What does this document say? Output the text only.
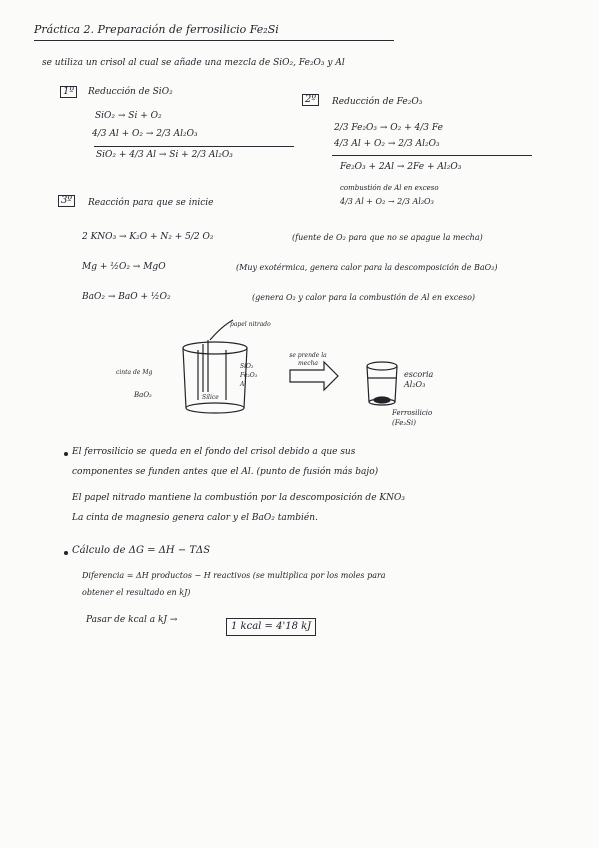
Práctica 2. Preparación de ferrosilicio Fe₂Si
se utiliza un crisol al cual se añade una mezcla de SiO₂, Fe₂O₃ y Al
1º	Reducción de SiO₂
SiO₂ → Si + O₂
4/3 Al + O₂ → 2/3 Al₂O₃
SiO₂ + 4/3 Al → Si + 2/3 Al₂O₃
2º	Reducción de Fe₂O₃
2/3 Fe₂O₃ → O₂ + 4/3 Fe
4/3 Al + O₂ → 2/3 Al₂O₃
Fe₂O₃ + 2Al → 2Fe + Al₂O₃
combustión de Al en exceso
4/3 Al + O₂ → 2/3 Al₂O₃
3º	Reacción para que se inicie
2 KNO₃ → K₂O + N₂ + 5/2 O₂	(fuente de O₂ para que no se apague la mecha)
Mg + ½O₂ → MgO	(Muy exotérmica, genera calor para la descomposición de BaO₂)
BaO₂ → BaO + ½O₂	(genera O₂ y calor para la combustión de Al en exceso)
papel nitrado
cinta de Mg
BaO₂
SiO₂
Fe₂O₃
Al
Sílice
se prende la mecha
escoria
Al₂O₃
Ferrosilicio
(Fe₂Si)
El ferrosilicio se queda en el fondo del crisol debido a que sus
componentes se funden antes que el Al. (punto de fusión más bajo)
El papel nitrado mantiene la combustión por la descomposición de KNO₃
La cinta de magnesio genera calor y el BaO₂ también.
Cálculo de ΔG = ΔH − TΔS
Diferencia = ΔH productos − H reactivos (se multiplica por los moles para
obtener el resultado en kJ)
Pasar de kcal a kJ →
1 kcal = 4'18 kJ
